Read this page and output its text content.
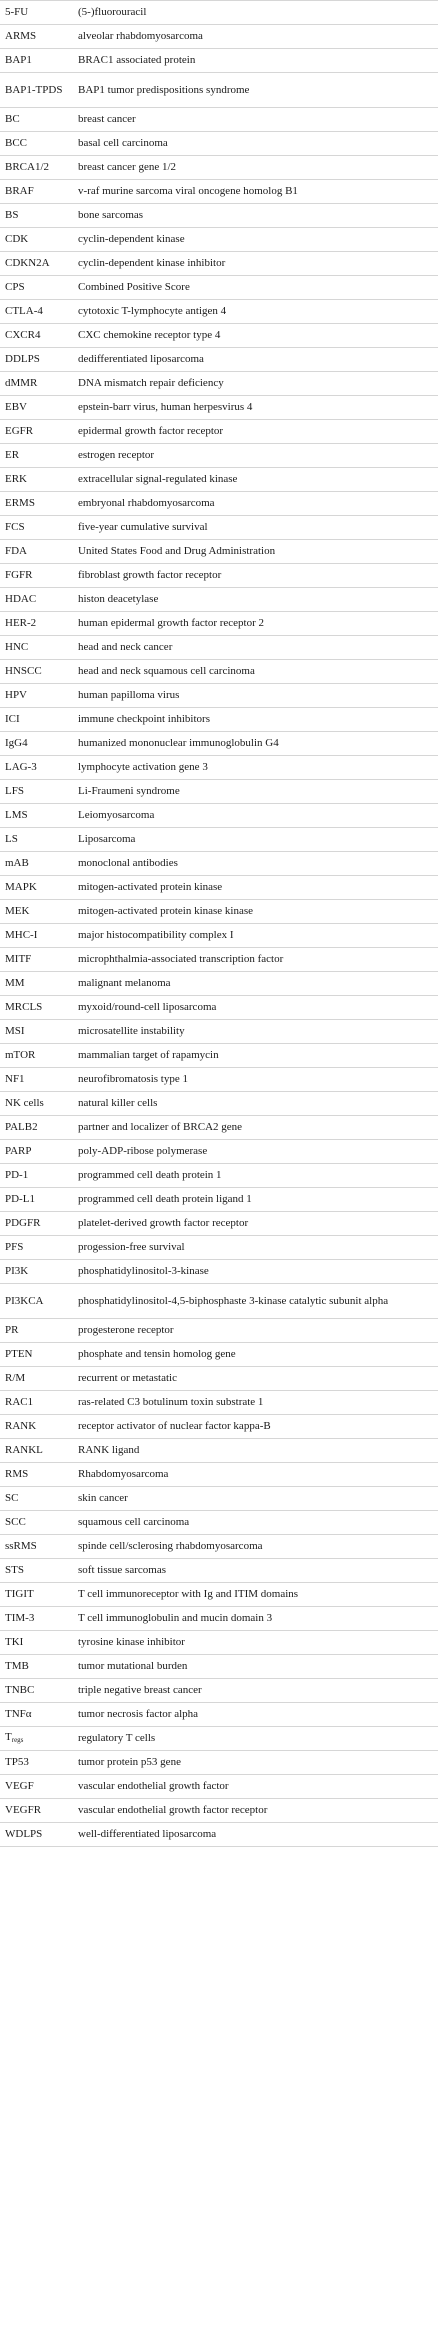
5-FU	(5-)fluorouracil
ARMS	alveolar rhabdomyosarcoma
BAP1	BRAC1 associated protein
BAP1-TPDS	BAP1 tumor predispositions syndrome
BC	breast cancer
BCC	basal cell carcinoma
BRCA1/2	breast cancer gene 1/2
BRAF	v-raf murine sarcoma viral oncogene homolog B1
BS	bone sarcomas
CDK	cyclin-dependent kinase
CDKN2A	cyclin-dependent kinase inhibitor
CPS	Combined Positive Score
CTLA-4	cytotoxic T-lymphocyte antigen 4
CXCR4	CXC chemokine receptor type 4
DDLPS	dedifferentiated liposarcoma
dMMR	DNA mismatch repair deficiency
EBV	epstein-barr virus, human herpesvirus 4
EGFR	epidermal growth factor receptor
ER	estrogen receptor
ERK	extracellular signal-regulated kinase
ERMS	embryonal rhabdomyosarcoma
FCS	five-year cumulative survival
FDA	United States Food and Drug Administration
FGFR	fibroblast growth factor receptor
HDAC	histon deacetylase
HER-2	human epidermal growth factor receptor 2
HNC	head and neck cancer
HNSCC	head and neck squamous cell carcinoma
HPV	human papilloma virus
ICI	immune checkpoint inhibitors
IgG4	humanized mononuclear immunoglobulin G4
LAG-3	lymphocyte activation gene 3
LFS	Li-Fraumeni syndrome
LMS	Leiomyosarcoma
LS	Liposarcoma
mAB	monoclonal antibodies
MAPK	mitogen-activated protein kinase
MEK	mitogen-activated protein kinase kinase
MHC-I	major histocompatibility complex I
MITF	microphthalmia-associated transcription factor
MM	malignant melanoma
MRCLS	myxoid/round-cell liposarcoma
MSI	microsatellite instability
mTOR	mammalian target of rapamycin
NF1	neurofibromatosis type 1
NK cells	natural killer cells
PALB2	partner and localizer of BRCA2 gene
PARP	poly-ADP-ribose polymerase
PD-1	programmed cell death protein 1
PD-L1	programmed cell death protein ligand 1
PDGFR	platelet-derived growth factor receptor
PFS	progession-free survival
PI3K	phosphatidylinositol-3-kinase
PI3KCA	phosphatidylinositol-4,5-biphosphaste 3-kinase catalytic subunit alpha
PR	progesterone receptor
PTEN	phosphate and tensin homolog gene
R/M	recurrent or metastatic
RAC1	ras-related C3 botulinum toxin substrate 1
RANK	receptor activator of nuclear factor kappa-B
RANKL	RANK ligand
RMS	Rhabdomyosarcoma
SC	skin cancer
SCC	squamous cell carcinoma
ssRMS	spinde cell/sclerosing rhabdomyosarcoma
STS	soft tissue sarcomas
TIGIT	T cell immunoreceptor with Ig and ITIM domains
TIM-3	T cell immunoglobulin and mucin domain 3
TKI	tyrosine kinase inhibitor
TMB	tumor mutational burden
TNBC	triple negative breast cancer
TNFα	tumor necrosis factor alpha
$T_{regs}$	regulatory T cells
TP53	tumor protein p53 gene
VEGF	vascular endothelial growth factor
VEGFR	vascular endothelial growth factor receptor
WDLPS	well-differentiated liposarcoma
